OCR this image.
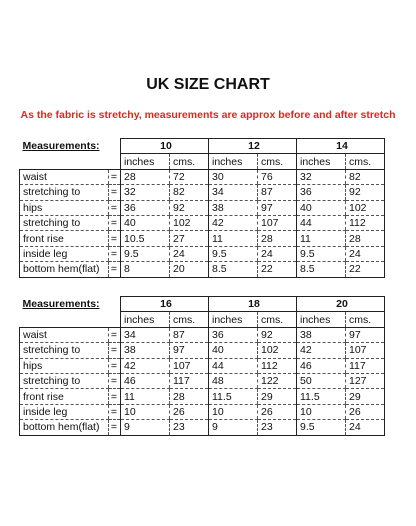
UK SIZE CHART
As the fabric is stretchy, measurements are approx before and after stretch
Measurements:		10		12		14	
		inches	cms.	inches	cms.	inches	cms.
waist	=	28	72	30	76	32	82
stretching to	=	32	82	34	87	36	92
hips	=	36	92	38	97	40	102
stretching to	=	40	102	42	107	44	112
front rise	=	10.5	27	11	28	11	28
inside leg	=	9.5	24	9.5	24	9.5	24
bottom hem(flat)	=	8	20	8.5	22	8.5	22
Measurements:		16		18		20	
		inches	cms.	inches	cms.	inches	cms.
waist	=	34	87	36	92	38	97
stretching to	=	38	97	40	102	42	107
hips	=	42	107	44	112	46	117
stretching to	=	46	117	48	122	50	127
front rise	=	11	28	11.5	29	11.5	29
inside leg	=	10	26	10	26	10	26
bottom hem(flat)	=	9	23	9	23	9.5	24
